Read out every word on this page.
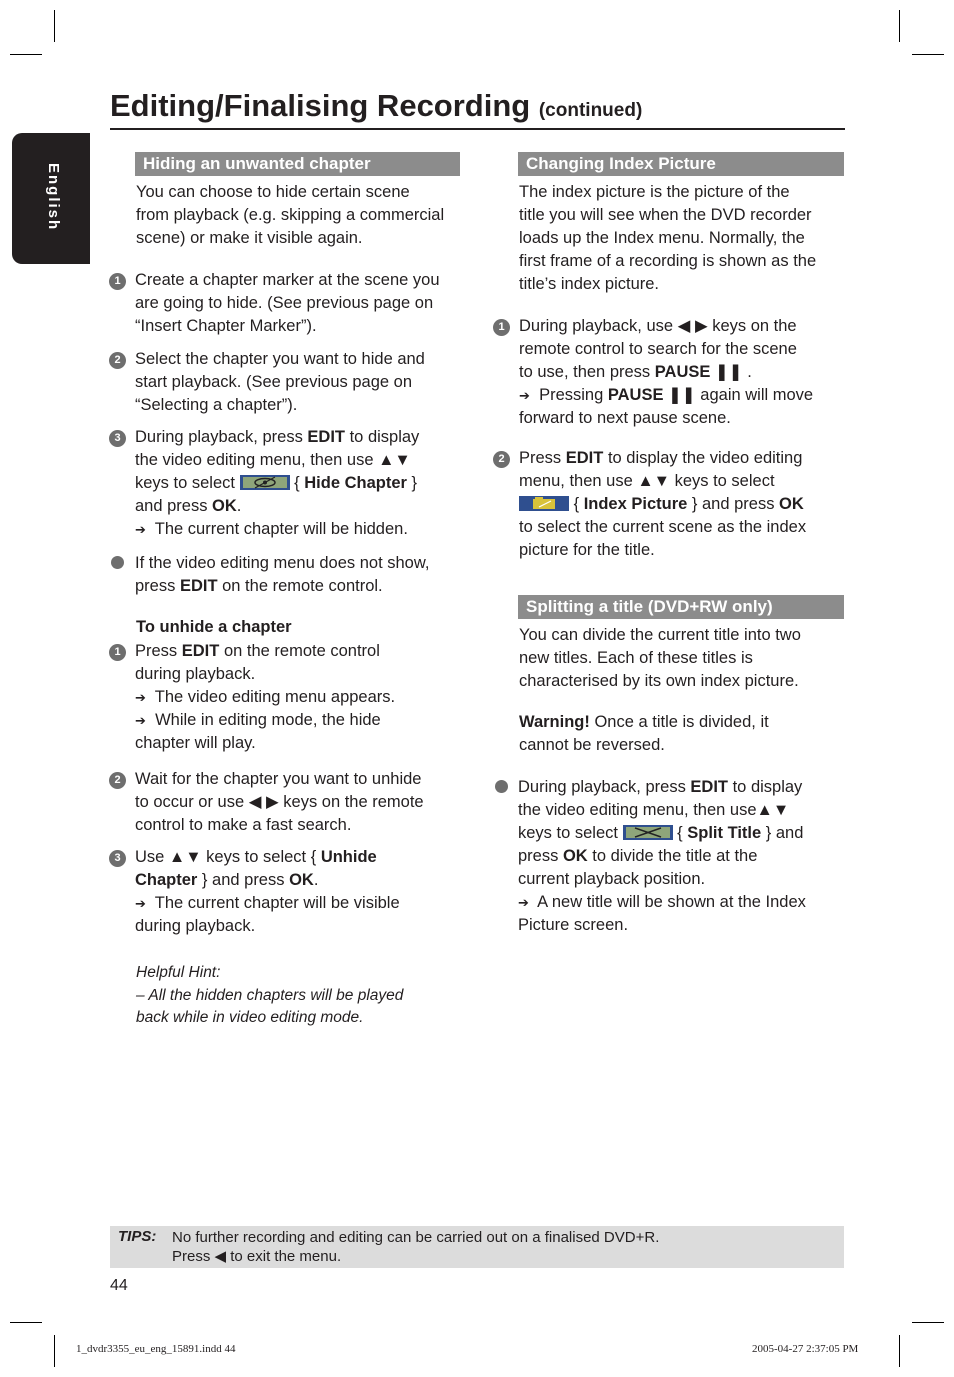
Editing/Finalising Recording (continued)
English	Hiding an unwanted chapter

You can choose to hide certain scene
from playback (e.g. skipping a commercial
scene) or make it visible again.

1 Create a chapter marker at the scene you
are going to hide. (See previous page on
“Insert Chapter Marker”).

2 Select the chapter you want to hide and
start playback. (See previous page on
“Selecting a chapter”).

3 During playback, press EDIT to display
the video editing menu, then use ▲▼
keys to select	{ Hide Chapter }
and press OK.
➔ The current chapter will be hidden.

If the video editing menu does not show,
press EDIT on the remote control.

To unhide a chapter

1 Press EDIT on the remote control
during playback.
➔ The video editing menu appears.
➔ While in editing mode, the hide
chapter will play.

2 Wait for the chapter you want to unhide
to occur or use ◀ ▶ keys on the remote
control to make a fast search.

3 Use ▲▼ keys to select { Unhide
Chapter } and press OK.
➔ The current chapter will be visible
during playback.

Helpful Hint:
– All the hidden chapters will be played
back while in video editing mode.

Changing Index Picture

The index picture is the picture of the
title you will see when the DVD recorder
loads up the Index menu. Normally, the
first frame of a recording is shown as the
title’s index picture.

1 During playback, use ◀ ▶ keys on the
remote control to search for the scene
to use, then press PAUSE ❚❚ .
➔ Pressing PAUSE ❚❚ again will move
forward to next pause scene.

2 Press EDIT to display the video editing
menu, then use ▲▼ keys to select
{ Index Picture } and press OK
to select the current scene as the index
picture for the title.

Splitting a title (DVD+RW only)

You can divide the current title into two
new titles. Each of these titles is
characterised by its own index picture.

Warning! Once a title is divided, it
cannot be reversed.

During playback, press EDIT to display
the video editing menu, then use▲▼
keys to select	{ Split Title } and
press OK to divide the title at the
current playback position.
➔ A new title will be shown at the Index
Picture screen.

TIPS: No further recording and editing can be carried out on a finalised DVD+R.
Press ◀ to exit the menu.
44
1_dvdr3355_eu_eng_15891.indd 44	2005-04-27 2:37:05 PM
